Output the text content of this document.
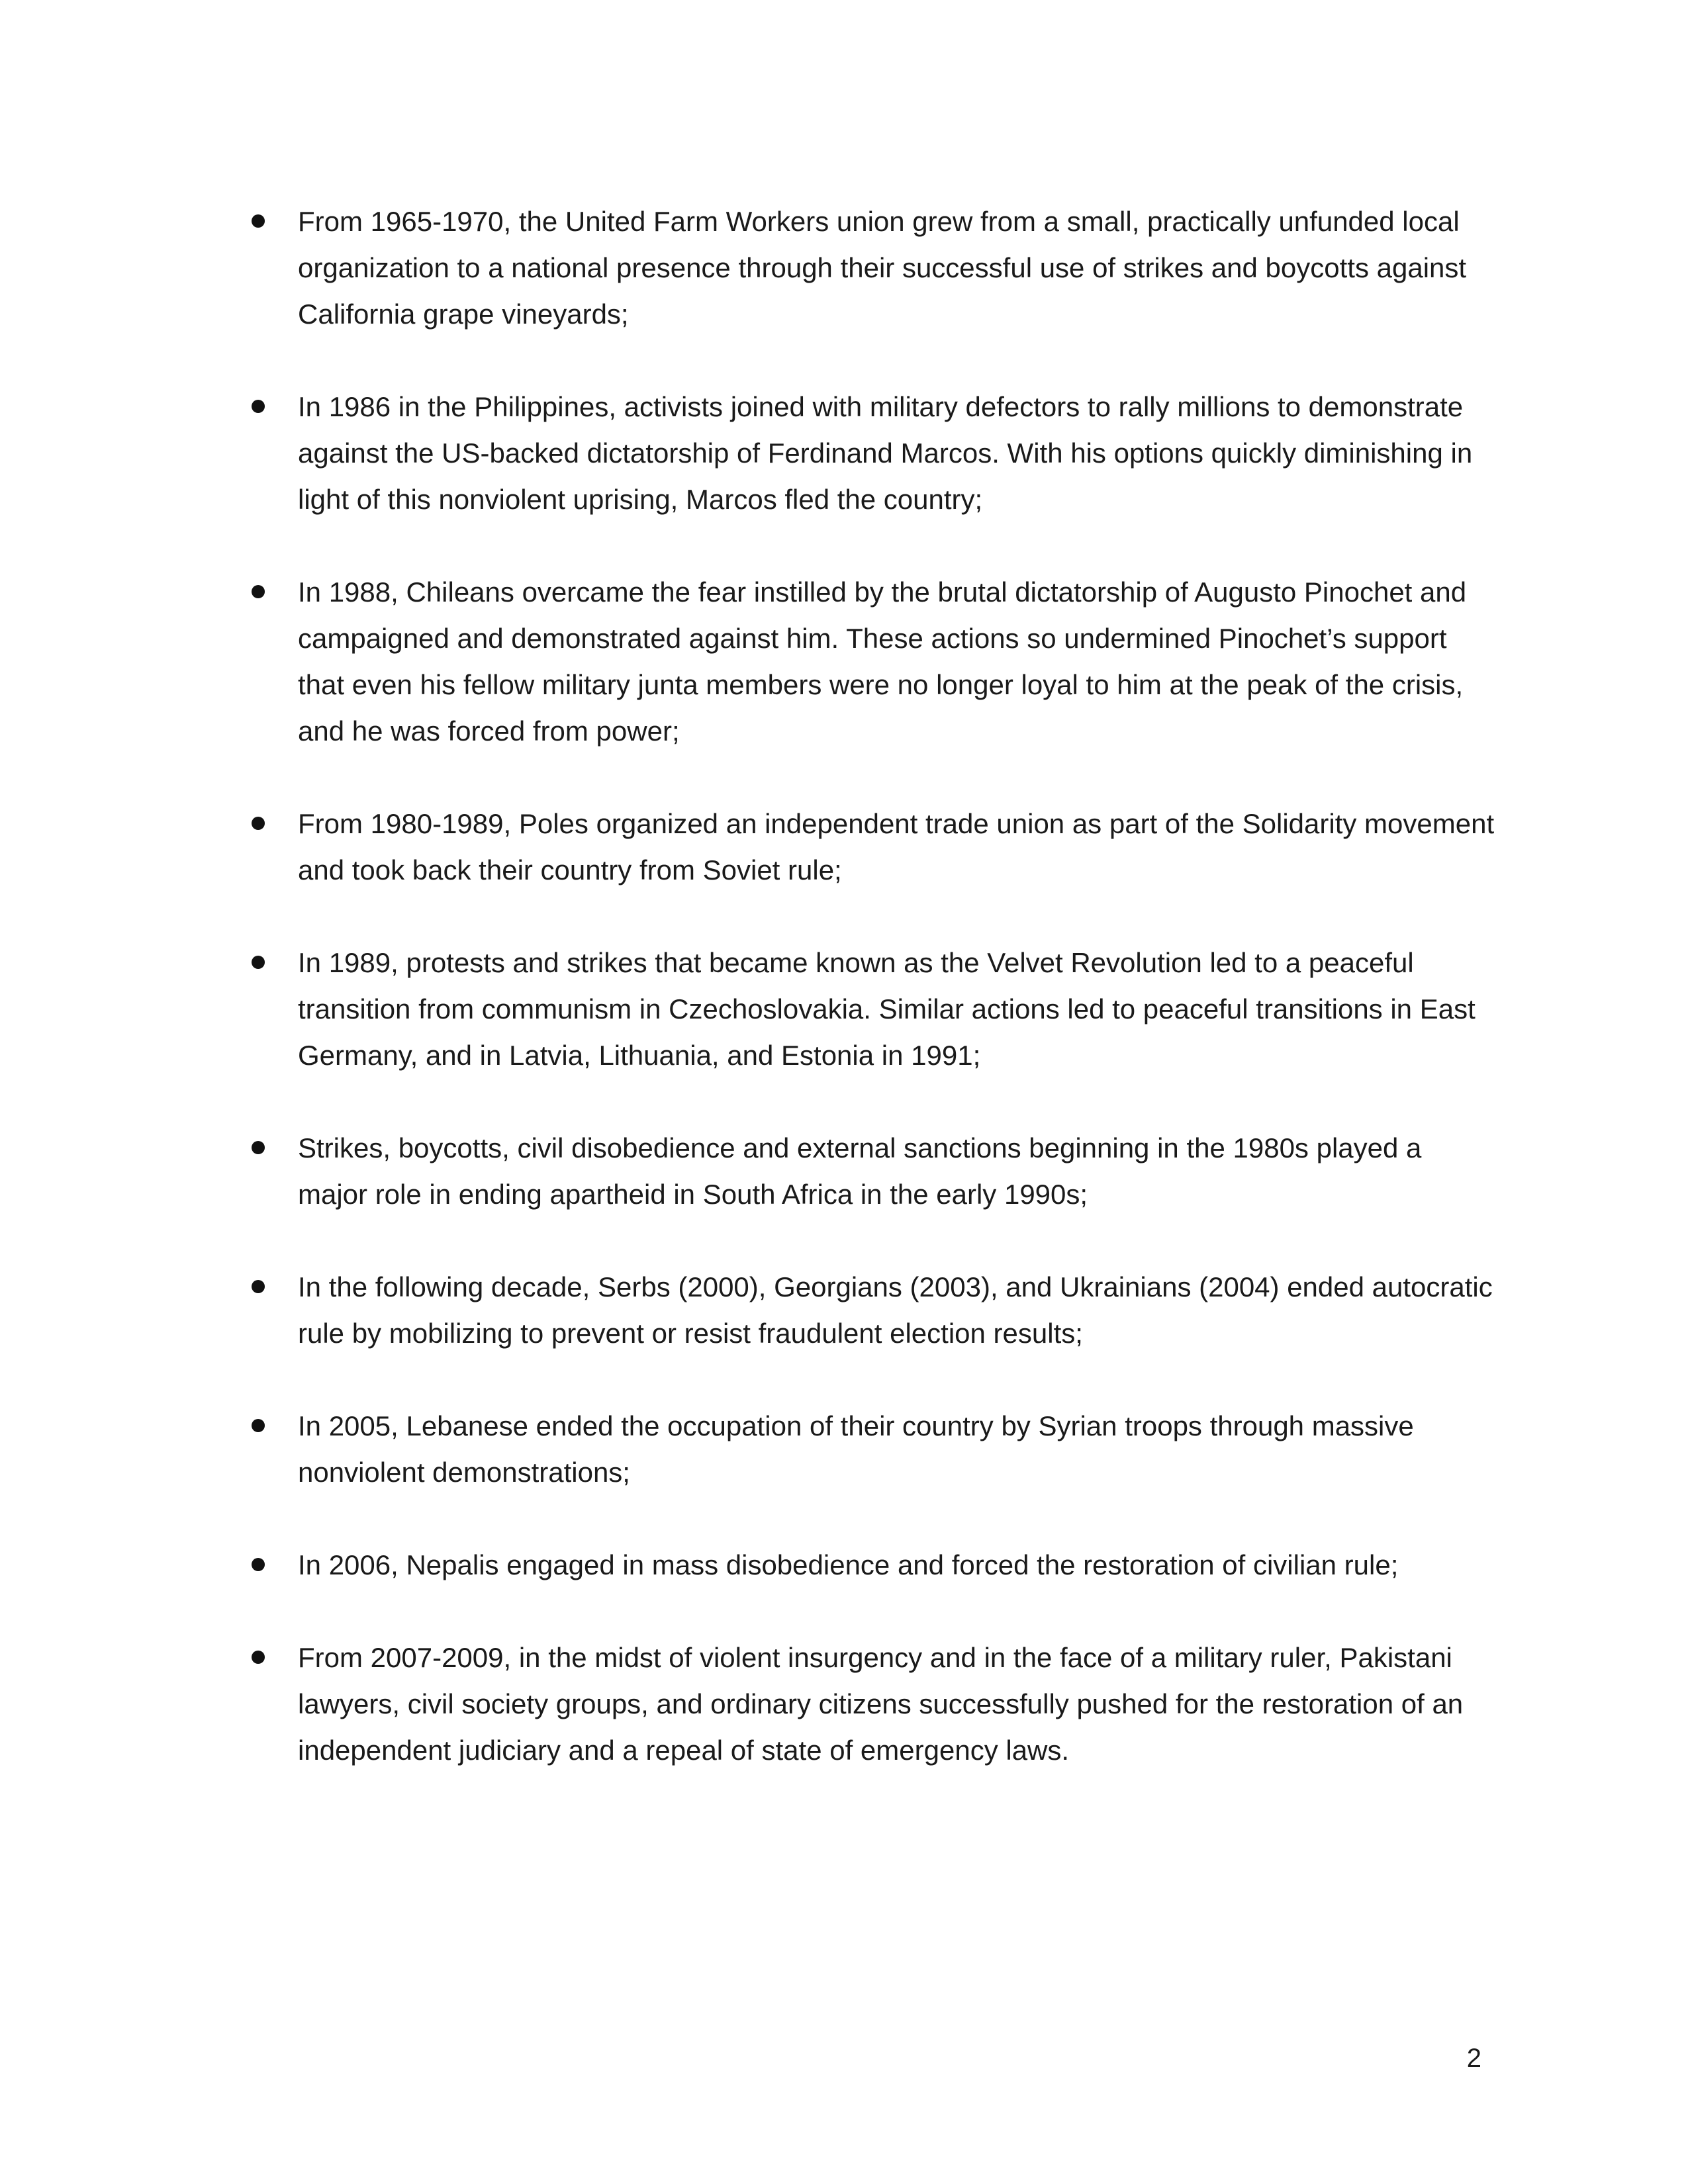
From 1965-1970, the United Farm Workers union grew from a small, practically unfunded local organization to a national presence through their successful use of strikes and boycotts against California grape vineyards;
In 1986 in the Philippines, activists joined with military defectors to rally millions to demonstrate against the US-backed dictatorship of Ferdinand Marcos. With his options quickly diminishing in light of this nonviolent uprising, Marcos fled the country;
In 1988, Chileans overcame the fear instilled by the brutal dictatorship of Augusto Pinochet and campaigned and demonstrated against him. These actions so undermined Pinochet’s support that even his fellow military junta members were no longer loyal to him at the peak of the crisis, and he was forced from power;
From 1980-1989, Poles organized an independent trade union as part of the Solidarity movement and took back their country from Soviet rule;
In 1989, protests and strikes that became known as the Velvet Revolution led to a peaceful transition from communism in Czechoslovakia. Similar actions led to peaceful transitions in East Germany, and in Latvia, Lithuania, and Estonia in 1991;
Strikes, boycotts, civil disobedience and external sanctions beginning in the 1980s played a major role in ending apartheid in South Africa in the early 1990s;
In the following decade, Serbs (2000), Georgians (2003), and Ukrainians (2004) ended autocratic rule by mobilizing to prevent or resist fraudulent election results;
In 2005, Lebanese ended the occupation of their country by Syrian troops through massive nonviolent demonstrations;
In 2006, Nepalis engaged in mass disobedience and forced the restoration of civilian rule;
From 2007-2009, in the midst of violent insurgency and in the face of a military ruler, Pakistani lawyers, civil society groups, and ordinary citizens successfully pushed for the restoration of an independent judiciary and a repeal of state of emergency laws.
2
